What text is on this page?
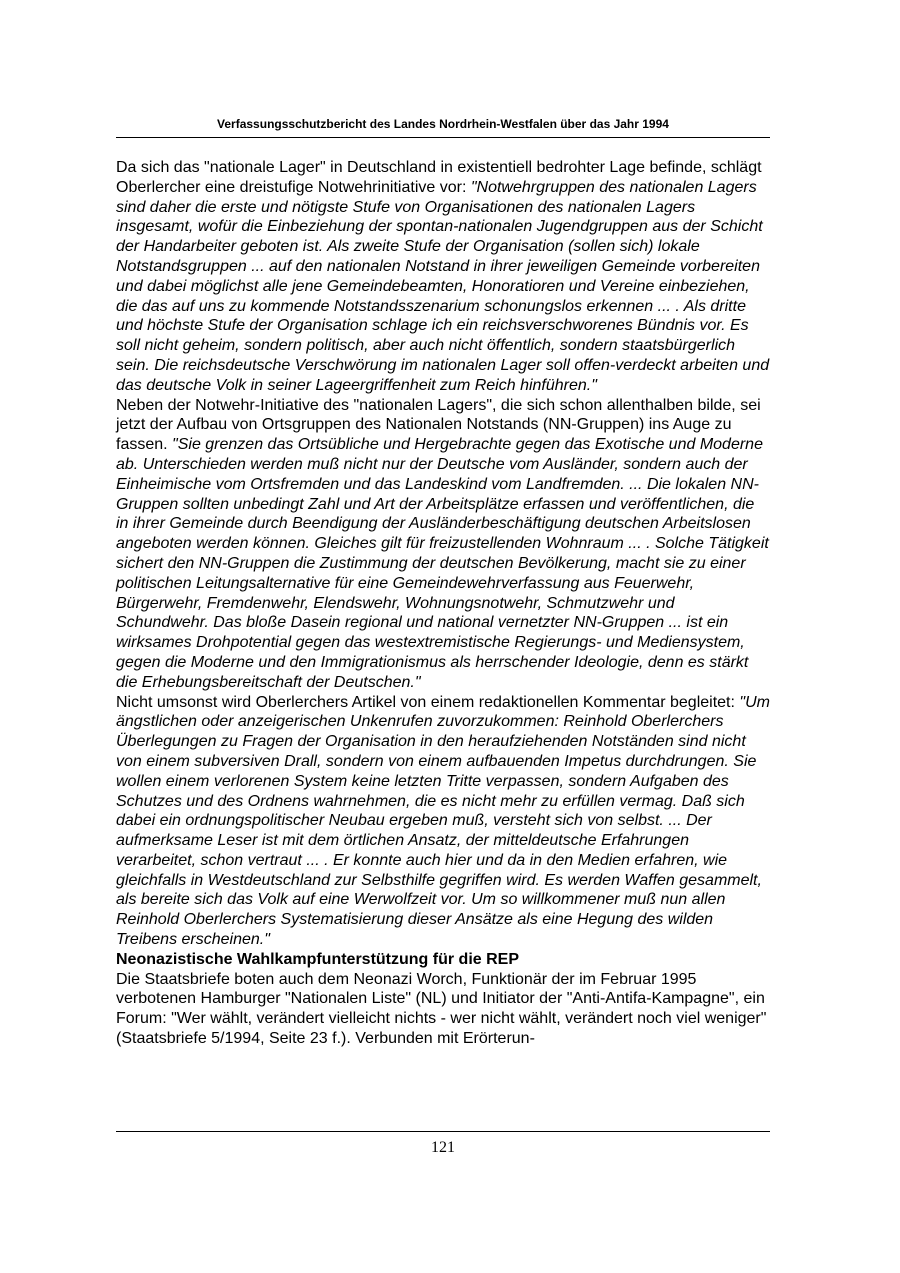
Verfassungsschutzbericht des Landes Nordrhein-Westfalen über das Jahr 1994

Da sich das "nationale Lager" in Deutschland in existentiell bedrohter Lage befinde, schlägt Oberlercher eine dreistufige Notwehrinitiative vor: "Notwehrgruppen des nationalen Lagers sind daher die erste und nötigste Stufe von Organisationen des nationalen Lagers insgesamt, wofür die Einbeziehung der spontan-nationalen Jugendgruppen aus der Schicht der Handarbeiter geboten ist. Als zweite Stufe der Organisation (sollen sich) lokale Notstandsgruppen ... auf den nationalen Notstand in ihrer jeweiligen Gemeinde vorbereiten und dabei möglichst alle jene Gemeindebeamten, Honoratioren und Vereine einbeziehen, die das auf uns zu kommende Notstandsszenarium schonungslos erkennen ... . Als dritte und höchste Stufe der Organisation schlage ich ein reichsverschworenes Bündnis vor. Es soll nicht geheim, sondern politisch, aber auch nicht öffentlich, sondern staatsbürgerlich sein. Die reichsdeutsche Verschwörung im nationalen Lager soll offen-verdeckt arbeiten und das deutsche Volk in seiner Lageergriffenheit zum Reich hinführen."

Neben der Notwehr-Initiative des "nationalen Lagers", die sich schon allenthalben bilde, sei jetzt der Aufbau von Ortsgruppen des Nationalen Notstands (NN-Gruppen) ins Auge zu fassen. "Sie grenzen das Ortsübliche und Hergebrachte gegen das Exotische und Moderne ab. Unterschieden werden muß nicht nur der Deutsche vom Ausländer, sondern auch der Einheimische vom Ortsfremden und das Landeskind vom Landfremden. ... Die lokalen NN-Gruppen sollten unbedingt Zahl und Art der Arbeitsplätze erfassen und veröffentlichen, die in ihrer Gemeinde durch Beendigung der Ausländerbeschäftigung deutschen Arbeitslosen angeboten werden können. Gleiches gilt für freizustellenden Wohnraum ... . Solche Tätigkeit sichert den NN-Gruppen die Zustimmung der deutschen Bevölkerung, macht sie zu einer politischen Leitungsalternative für eine Gemeindewehrverfassung aus Feuerwehr, Bürgerwehr, Fremdenwehr, Elendswehr, Wohnungsnotwehr, Schmutzwehr und Schundwehr. Das bloße Dasein regional und national vernetzter NN-Gruppen ... ist ein wirksames Drohpotential gegen das westextremistische Regierungs- und Mediensystem, gegen die Moderne und den Immigrationismus als herrschender Ideologie, denn es stärkt die Erhebungsbereitschaft der Deutschen."

Nicht umsonst wird Oberlerchers Artikel von einem redaktionellen Kommentar begleitet: "Um ängstlichen oder anzeigerischen Unkenrufen zuvorzukommen: Reinhold Oberlerchers Überlegungen zu Fragen der Organisation in den heraufziehenden Notständen sind nicht von einem subversiven Drall, sondern von einem aufbauenden Impetus durchdrungen. Sie wollen einem verlorenen System keine letzten Tritte verpassen, sondern Aufgaben des Schutzes und des Ordnens wahrnehmen, die es nicht mehr zu erfüllen vermag. Daß sich dabei ein ordnungspolitischer Neubau ergeben muß, versteht sich von selbst. ... Der aufmerksame Leser ist mit dem örtlichen Ansatz, der mitteldeutsche Erfahrungen verarbeitet, schon vertraut ... . Er konnte auch hier und da in den Medien erfahren, wie gleichfalls in Westdeutschland zur Selbsthilfe gegriffen wird. Es werden Waffen gesammelt, als bereite sich das Volk auf eine Werwolfzeit vor. Um so willkommener muß nun allen Reinhold Oberlerchers Systematisierung dieser Ansätze als eine Hegung des wilden Treibens erscheinen."

Neonazistische Wahlkampfunterstützung für die REP

Die Staatsbriefe boten auch dem Neonazi Worch, Funktionär der im Februar 1995 verbotenen Hamburger "Nationalen Liste" (NL) und Initiator der "Anti-Antifa-Kampagne", ein Forum: "Wer wählt, verändert vielleicht nichts - wer nicht wählt, verändert noch viel weniger" (Staatsbriefe 5/1994, Seite 23 f.). Verbunden mit Erörterun-

121
